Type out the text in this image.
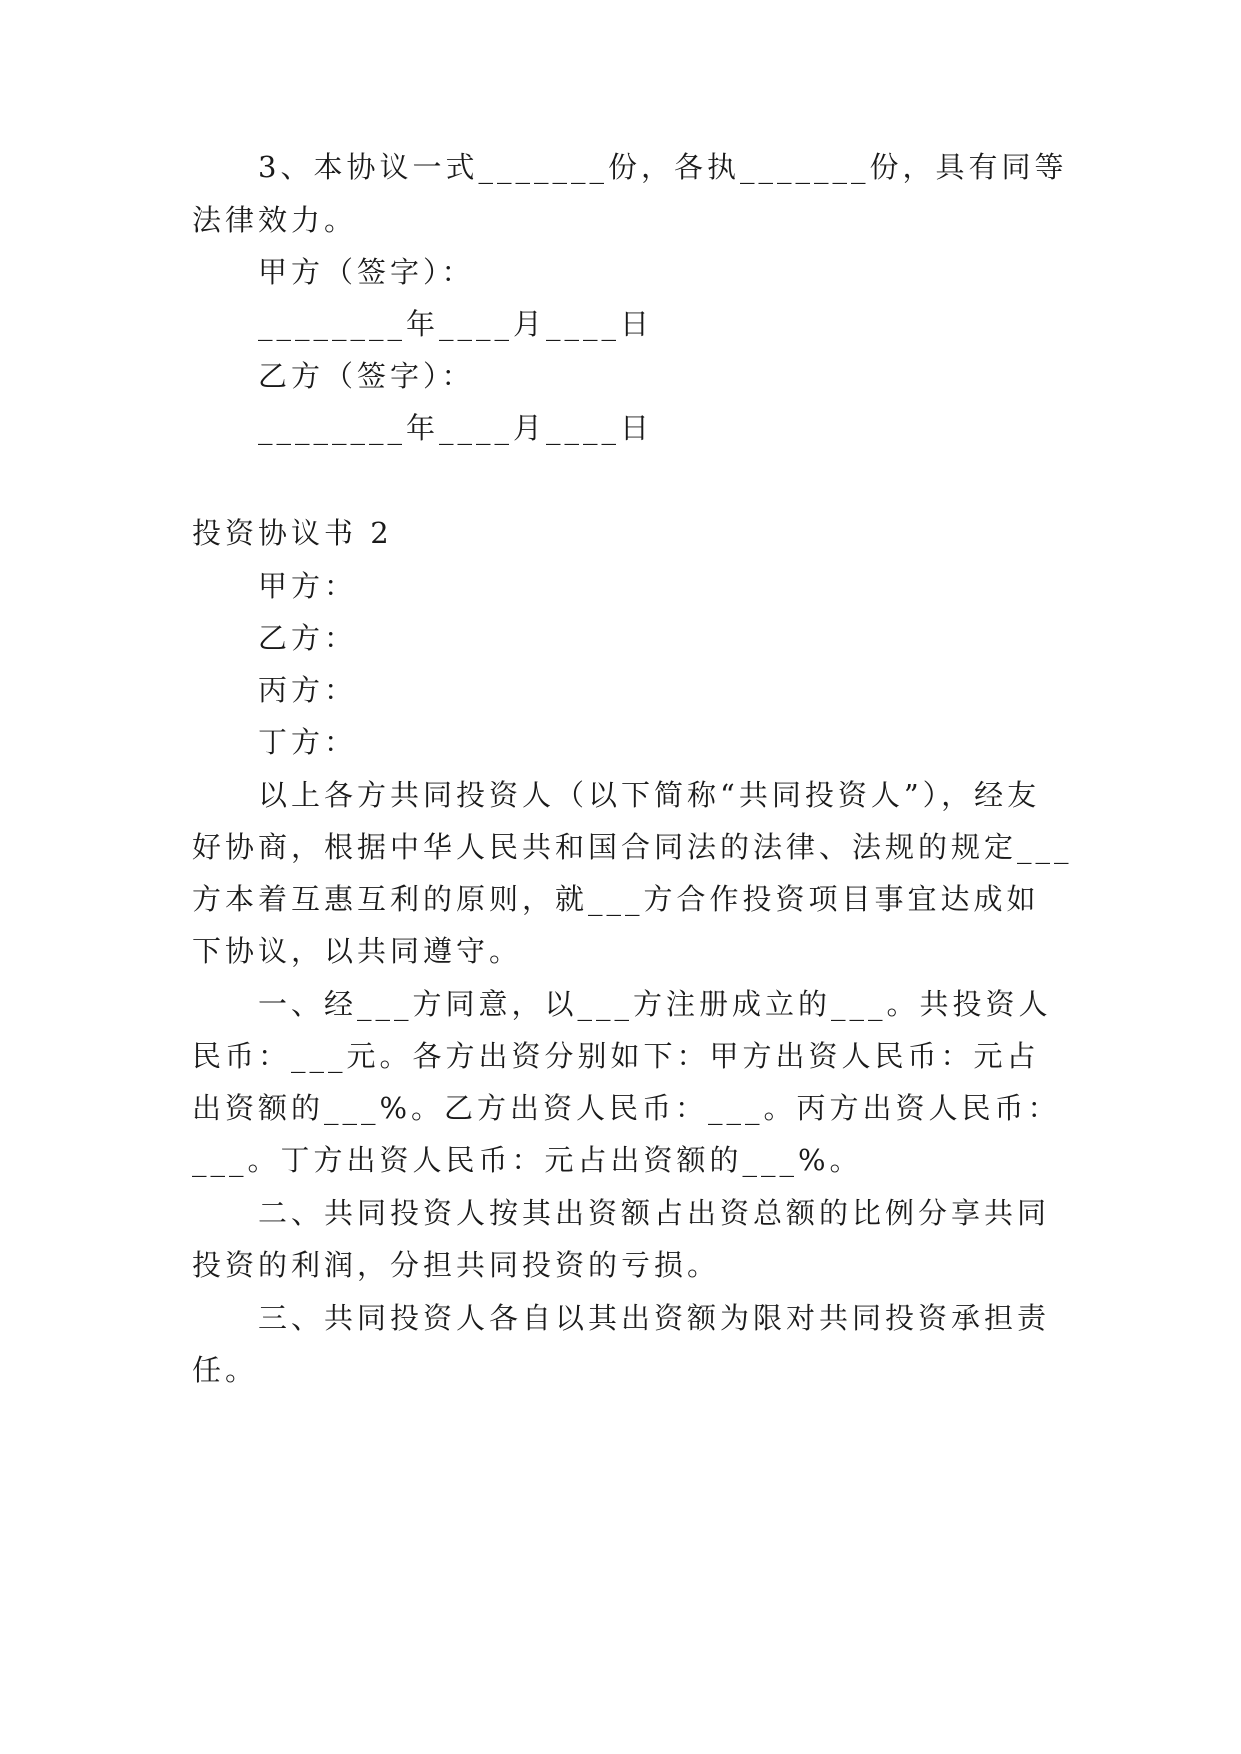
3、本协议一式_______份，各执_______份，具有同等
法律效力。
甲方（签字）：
________年____月____日
乙方（签字）：
________年____月____日
投资协议书 2
甲方：
乙方：
丙方：
丁方：
以上各方共同投资人（以下简称“共同投资人”），经友
好协商，根据中华人民共和国合同法的法律、法规的规定___
方本着互惠互利的原则，就___方合作投资项目事宜达成如
下协议，以共同遵守。
一、经___方同意，以___方注册成立的___。共投资人
民币：___元。各方出资分别如下：甲方出资人民币：元占
出资额的___%。乙方出资人民币：___。丙方出资人民币：
___。丁方出资人民币：元占出资额的___%。
二、共同投资人按其出资额占出资总额的比例分享共同
投资的利润，分担共同投资的亏损。
三、共同投资人各自以其出资额为限对共同投资承担责
任。
